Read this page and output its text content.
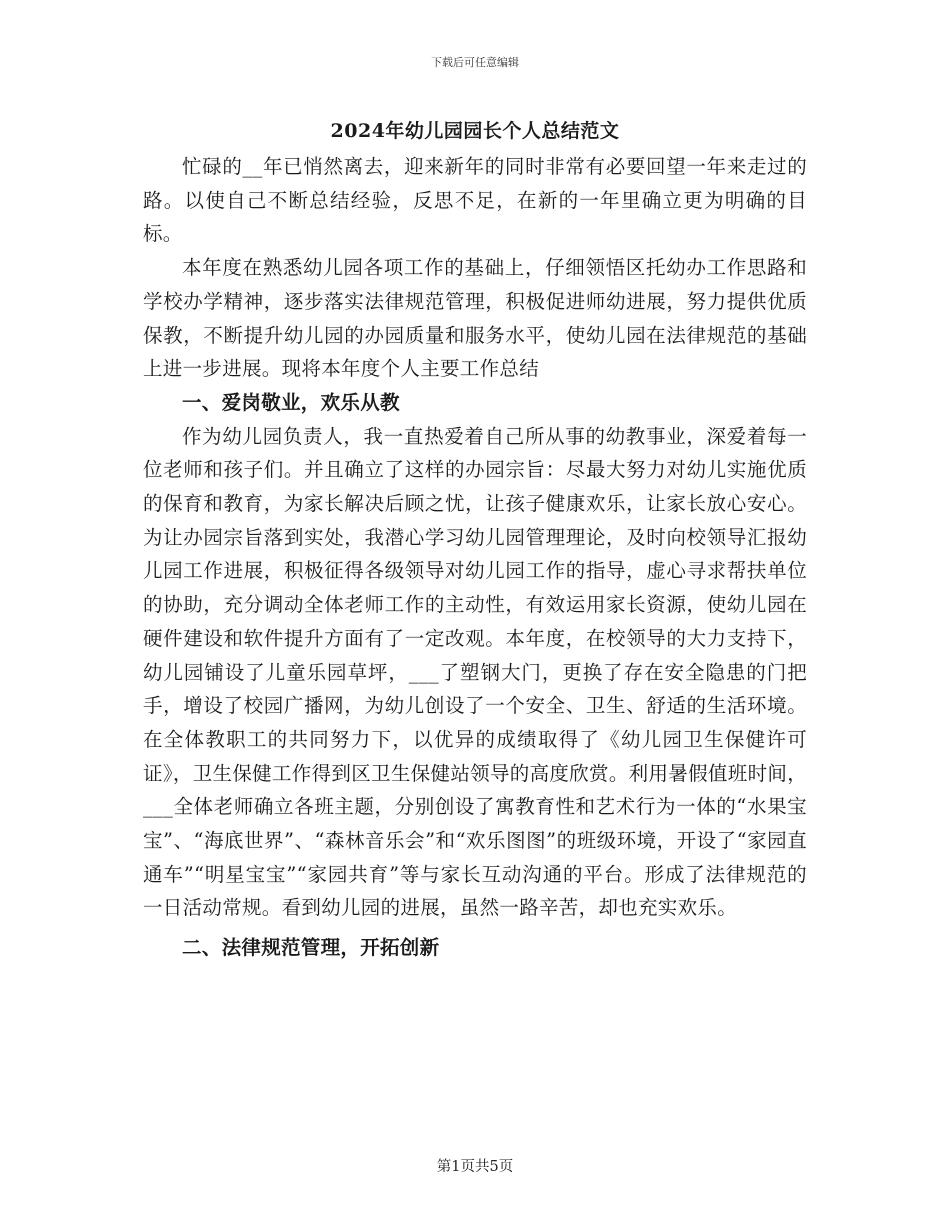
下载后可任意编辑
2024年幼儿园园长个人总结范文

忙碌的__年已悄然离去，迎来新年的同时非常有必要回望一年来走过的路。以使自己不断总结经验，反思不足，在新的一年里确立更为明确的目标。

本年度在熟悉幼儿园各项工作的基础上，仔细领悟区托幼办工作思路和学校办学精神，逐步落实法律规范管理，积极促进师幼进展，努力提供优质保教，不断提升幼儿园的办园质量和服务水平，使幼儿园在法律规范的基础上进一步进展。现将本年度个人主要工作总结

一、爱岗敬业，欢乐从教

作为幼儿园负责人，我一直热爱着自己所从事的幼教事业，深爱着每一位老师和孩子们。并且确立了这样的办园宗旨：尽最大努力对幼儿实施优质的保育和教育，为家长解决后顾之忧，让孩子健康欢乐，让家长放心安心。为让办园宗旨落到实处，我潜心学习幼儿园管理理论，及时向校领导汇报幼儿园工作进展，积极征得各级领导对幼儿园工作的指导，虚心寻求帮扶单位的协助，充分调动全体老师工作的主动性，有效运用家长资源，使幼儿园在硬件建设和软件提升方面有了一定改观。本年度，在校领导的大力支持下，幼儿园铺设了儿童乐园草坪，___了塑钢大门，更换了存在安全隐患的门把手，增设了校园广播网，为幼儿创设了一个安全、卫生、舒适的生活环境。在全体教职工的共同努力下，以优异的成绩取得了《幼儿园卫生保健许可证》，卫生保健工作得到区卫生保健站领导的高度欣赏。利用暑假值班时间，___全体老师确立各班主题，分别创设了寓教育性和艺术行为一体的“水果宝宝”、“海底世界”、“森林音乐会”和“欢乐图图”的班级环境，开设了“家园直通车”“明星宝宝”“家园共育”等与家长互动沟通的平台。形成了法律规范的一日活动常规。看到幼儿园的进展，虽然一路辛苦，却也充实欢乐。

二、法律规范管理，开拓创新

第1页共5页
